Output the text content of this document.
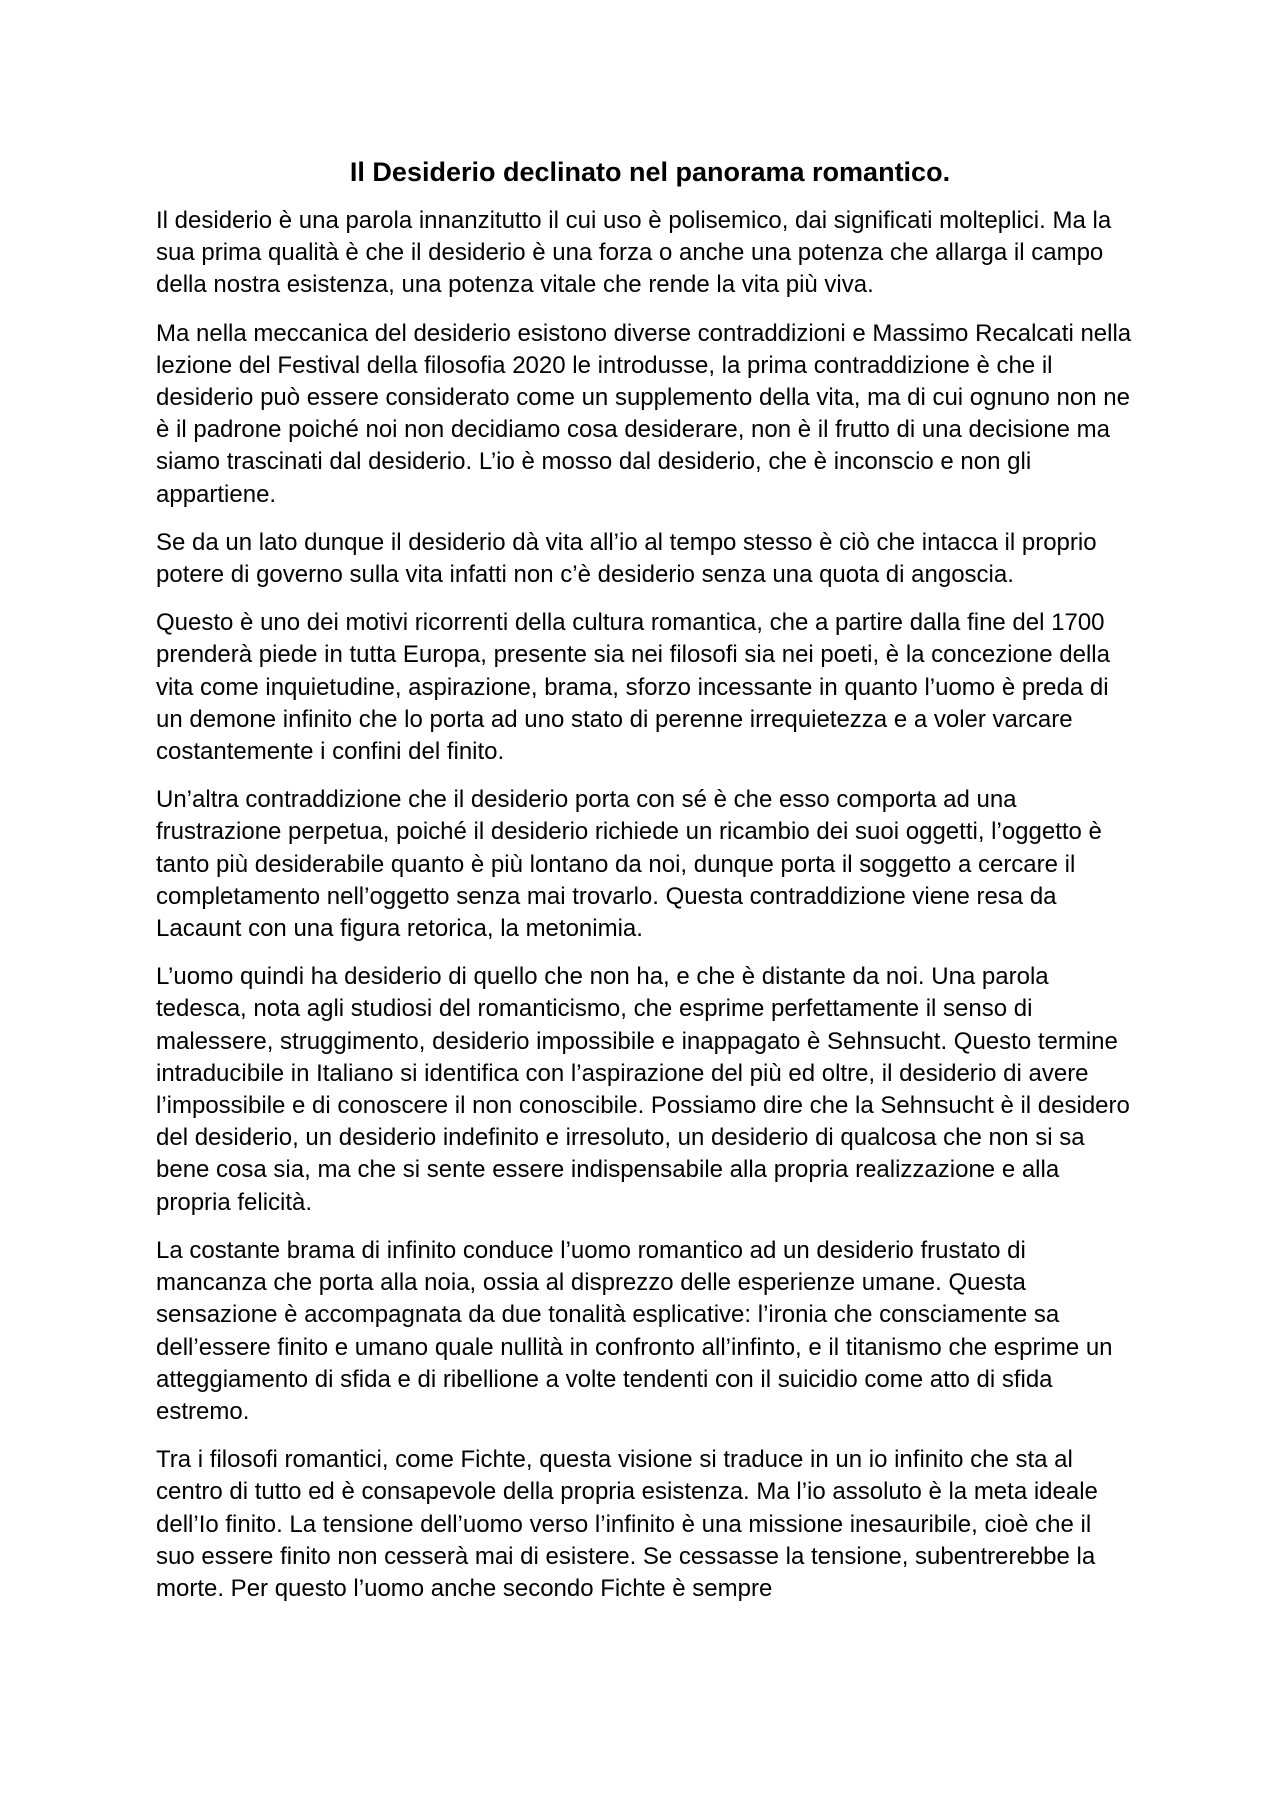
Il Desiderio declinato nel panorama romantico.

Il desiderio è una parola innanzitutto il cui uso è polisemico, dai significati molteplici. Ma la sua prima qualità è che il desiderio è una forza o anche una potenza che allarga il campo della nostra esistenza, una potenza vitale che rende la vita più viva.

Ma nella meccanica del desiderio esistono diverse contraddizioni e Massimo Recalcati nella lezione del Festival della filosofia 2020 le introdusse, la prima contraddizione è che il desiderio può essere considerato come un supplemento della vita, ma di cui ognuno non ne è il padrone poiché noi non decidiamo cosa desiderare, non è il frutto di una decisione ma siamo trascinati dal desiderio. L’io è mosso dal desiderio, che è inconscio e non gli appartiene.

Se da un lato dunque il desiderio dà vita all’io al tempo stesso è ciò che intacca il proprio potere di governo sulla vita infatti non c’è desiderio senza una quota di angoscia.

Questo è uno dei motivi ricorrenti della cultura romantica, che a partire dalla fine del 1700 prenderà piede in tutta Europa, presente sia nei filosofi sia nei poeti, è la concezione della vita come inquietudine, aspirazione, brama, sforzo incessante in quanto l’uomo è preda di un demone infinito che lo porta ad uno stato di perenne irrequietezza e a voler varcare costantemente i confini del finito.

Un’altra contraddizione che il desiderio porta con sé è che esso comporta ad una frustrazione perpetua, poiché il desiderio richiede un ricambio dei suoi oggetti, l’oggetto è tanto più desiderabile quanto è più lontano da noi, dunque porta il soggetto a cercare il completamento nell’oggetto senza mai trovarlo. Questa contraddizione viene resa da Lacaunt con una figura retorica, la metonimia.

L’uomo quindi ha desiderio di quello che non ha, e che è distante da noi. Una parola tedesca, nota agli studiosi del romanticismo, che esprime perfettamente il senso di malessere, struggimento, desiderio impossibile e inappagato è Sehnsucht. Questo termine intraducibile in Italiano si identifica con l’aspirazione del più ed oltre, il desiderio di avere l’impossibile e di conoscere il non conoscibile. Possiamo dire che la Sehnsucht è il desidero del desiderio, un desiderio indefinito e irresoluto, un desiderio di qualcosa che non si sa bene cosa sia, ma che si sente essere indispensabile alla propria realizzazione e alla propria felicità.

La costante brama di infinito conduce l’uomo romantico ad un desiderio frustato di mancanza che porta alla noia, ossia al disprezzo delle esperienze umane. Questa sensazione è accompagnata da due tonalità esplicative: l’ironia che consciamente sa dell’essere finito e umano quale nullità in confronto all’infinto, e il titanismo che esprime un atteggiamento di sfida e di ribellione a volte tendenti con il suicidio come atto di sfida estremo.

Tra i filosofi romantici, come Fichte, questa visione si traduce in un io infinito che sta al centro di tutto ed è consapevole della propria esistenza. Ma l’io assoluto è la meta ideale dell’Io finito. La tensione dell’uomo verso l’infinito è una missione inesauribile, cioè che il suo essere finito non cesserà mai di esistere. Se cessasse la tensione, subentrerebbe la morte. Per questo l’uomo anche secondo Fichte è sempre
